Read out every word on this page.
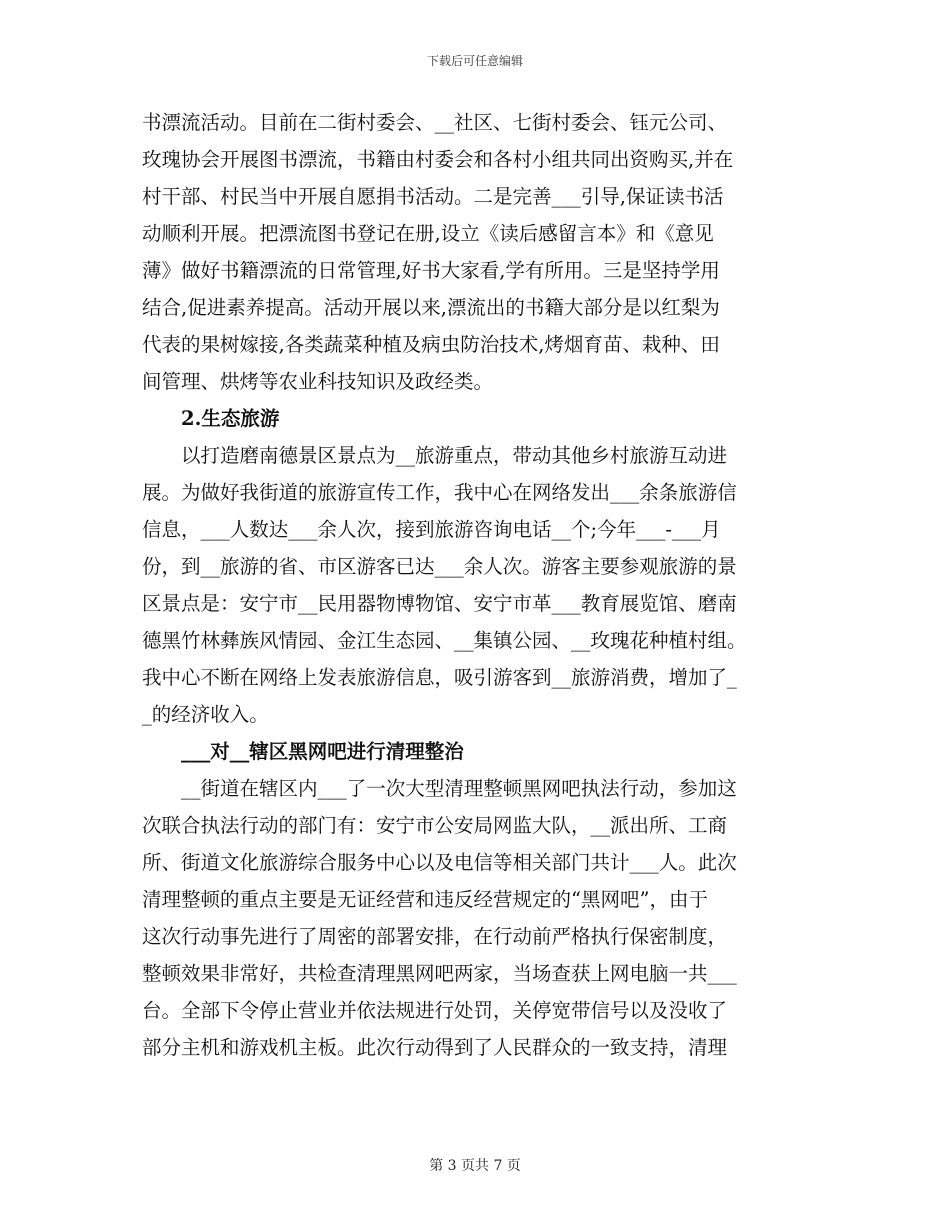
下载后可任意编辑
书漂流活动。目前在二街村委会、__社区、七街村委会、钰元公司、
玫瑰协会开展图书漂流，书籍由村委会和各村小组共同出资购买,并在
村干部、村民当中开展自愿捐书活动。二是完善___引导,保证读书活
动顺利开展。把漂流图书登记在册,设立《读后感留言本》和《意见
薄》做好书籍漂流的日常管理,好书大家看,学有所用。三是坚持学用
结合,促进素养提高。活动开展以来,漂流出的书籍大部分是以红梨为
代表的果树嫁接,各类蔬菜种植及病虫防治技术,烤烟育苗、栽种、田
间管理、烘烤等农业科技知识及政经类。
2.生态旅游
以打造磨南德景区景点为__旅游重点，带动其他乡村旅游互动进
展。为做好我街道的旅游宣传工作，我中心在网络发出___余条旅游信
信息，___人数达___余人次，接到旅游咨询电话__个;今年___-___月
份，到__旅游的省、市区游客已达___余人次。游客主要参观旅游的景
区景点是：安宁市__民用器物博物馆、安宁市革___教育展览馆、磨南
德黑竹林彝族风情园、金江生态园、__集镇公园、__玫瑰花种植村组。
我中心不断在网络上发表旅游信息，吸引游客到__旅游消费，增加了_
_的经济收入。
___对__辖区黑网吧进行清理整治
__街道在辖区内___了一次大型清理整顿黑网吧执法行动，参加这
次联合执法行动的部门有：安宁市公安局网监大队，__派出所、工商
所、街道文化旅游综合服务中心以及电信等相关部门共计___人。此次
清理整顿的重点主要是无证经营和违反经营规定的“黑网吧”，由于
这次行动事先进行了周密的部署安排，在行动前严格执行保密制度，
整顿效果非常好，共检查清理黑网吧两家，当场查获上网电脑一共___
台。全部下令停止营业并依法规进行处罚，关停宽带信号以及没收了
部分主机和游戏机主板。此次行动得到了人民群众的一致支持，清理
第 3 页共 7 页
